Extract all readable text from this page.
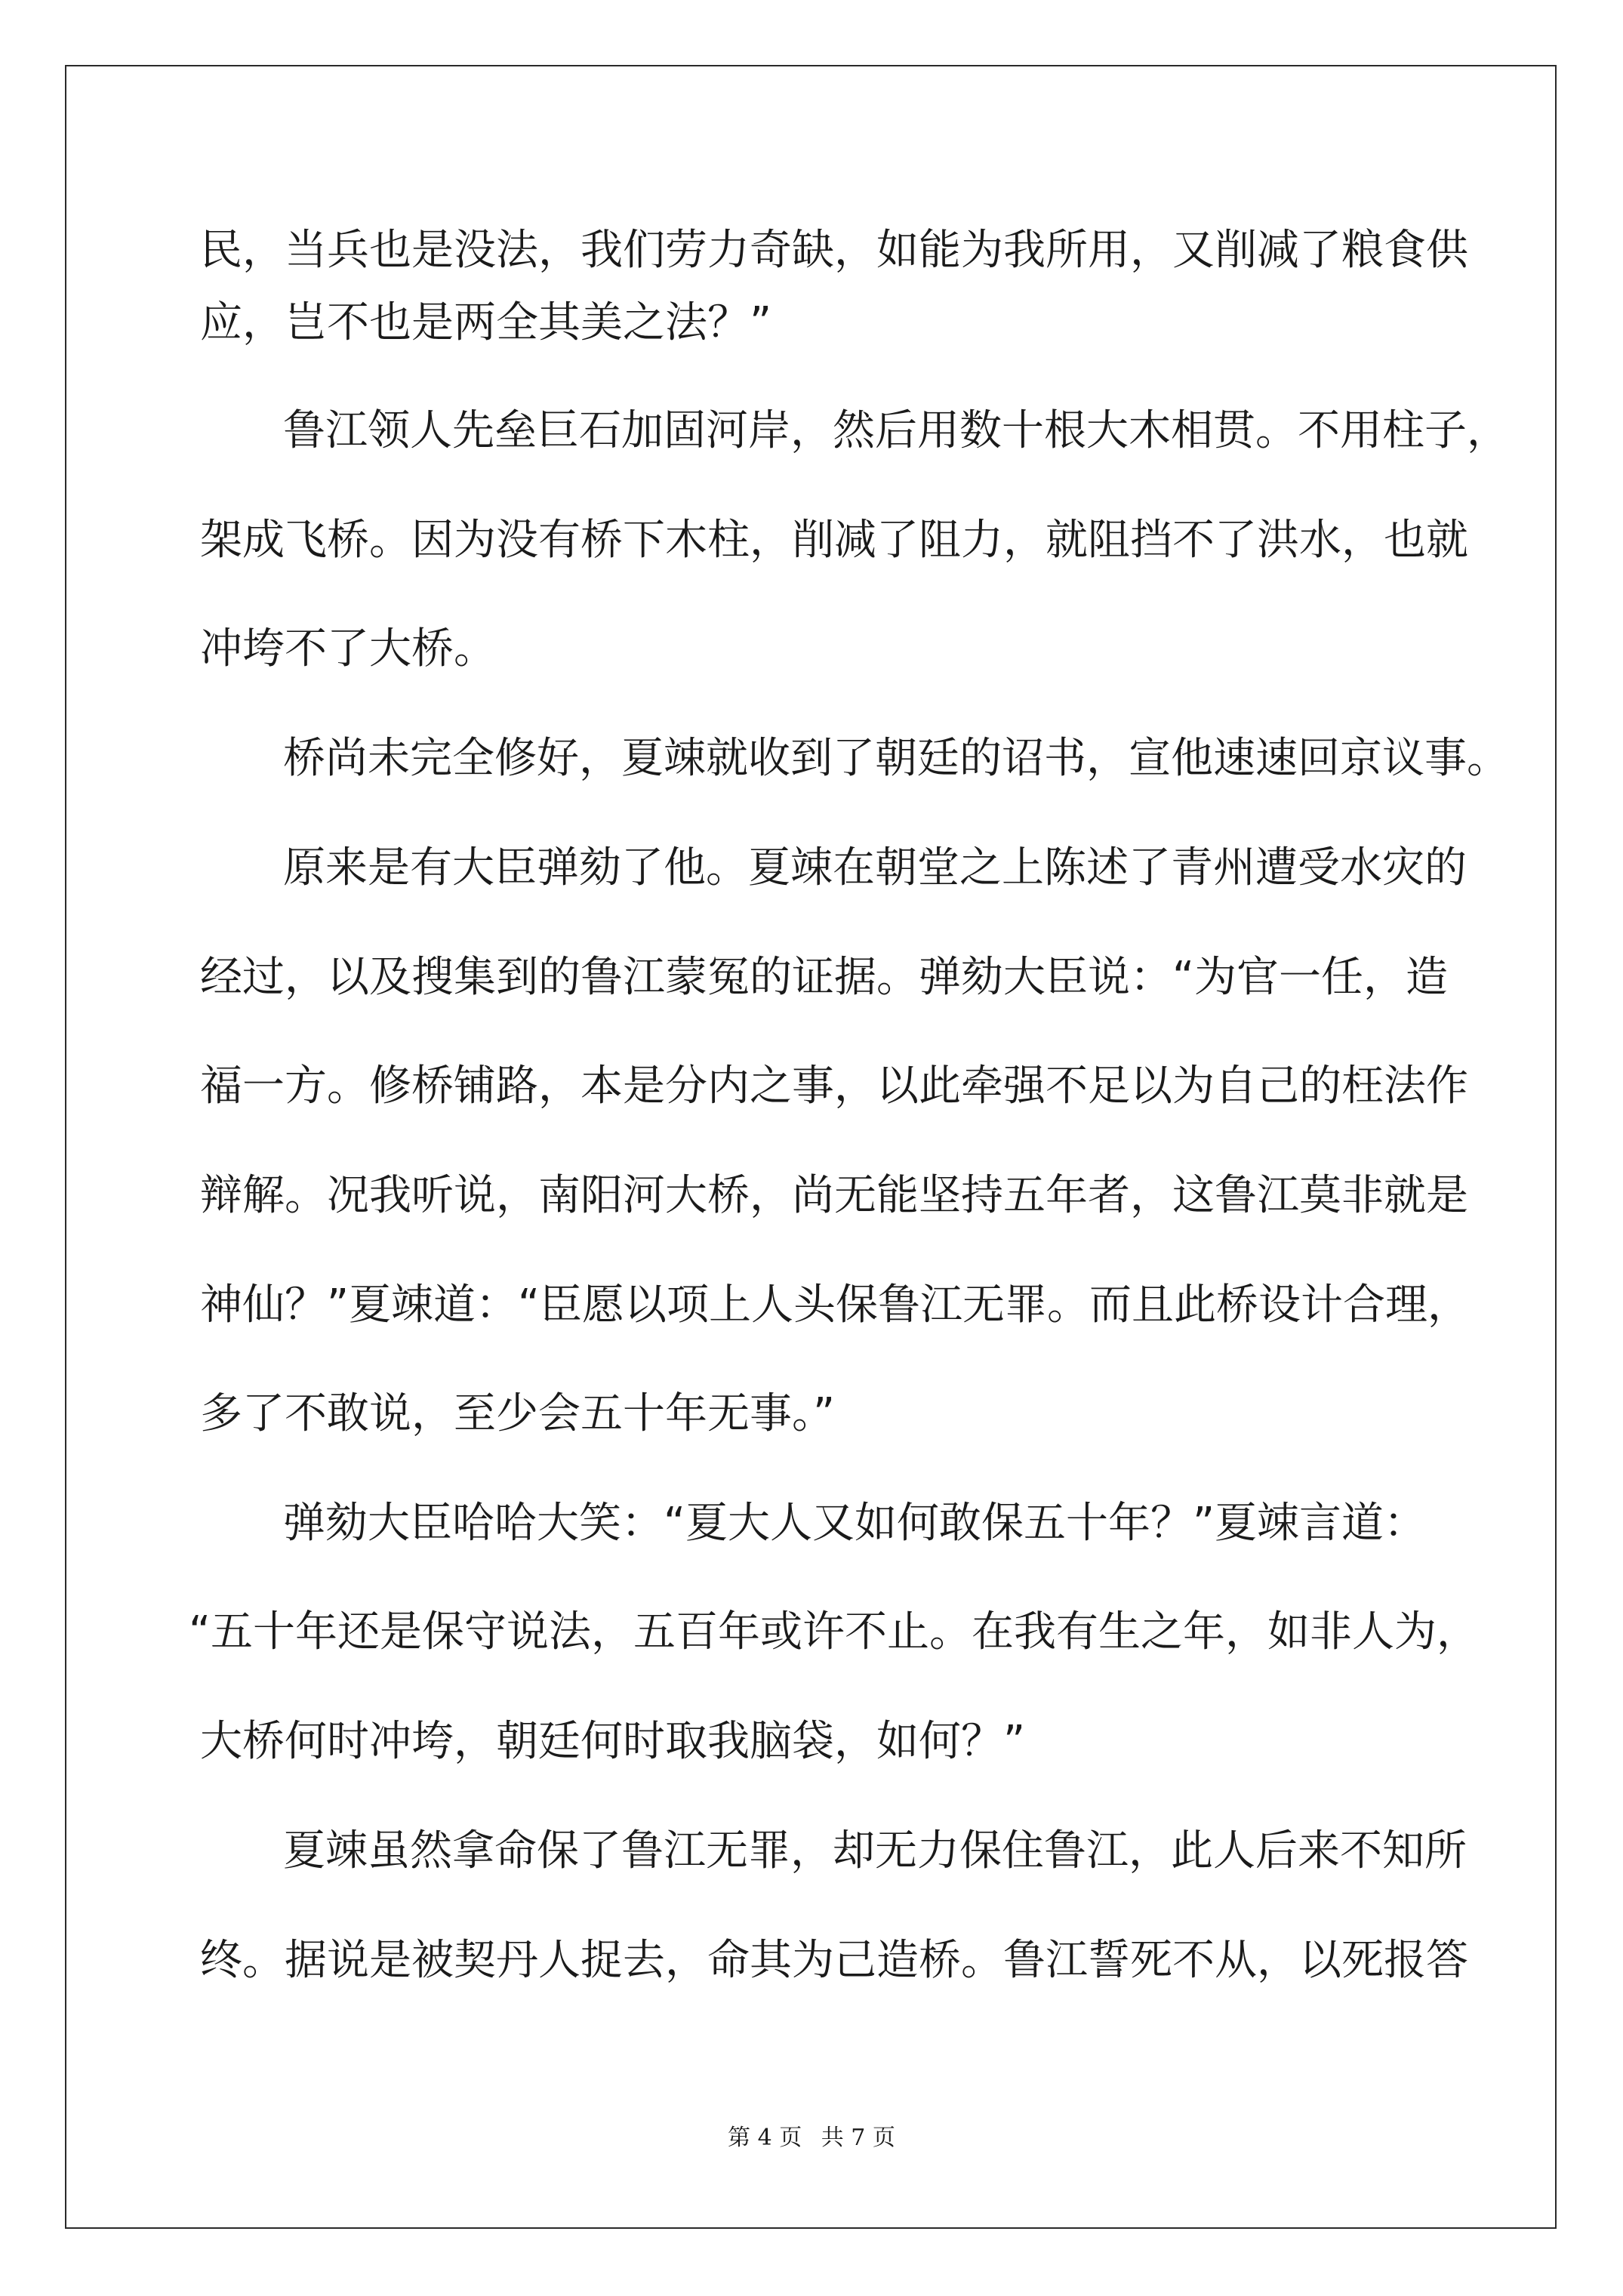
民，当兵也是没法，我们劳力奇缺，如能为我所用，又削减了粮食供
应，岂不也是两全其美之法？”
鲁江领人先垒巨石加固河岸，然后用数十根大木相贯。不用柱子，
架成飞桥。因为没有桥下木柱，削减了阻力，就阻挡不了洪水，也就
冲垮不了大桥。
桥尚未完全修好，夏竦就收到了朝廷的诏书，宣他速速回京议事。
原来是有大臣弹劾了他。夏竦在朝堂之上陈述了青州遭受水灾的
经过，以及搜集到的鲁江蒙冤的证据。弹劾大臣说：“为官一任，造
福一方。修桥铺路，本是分内之事，以此牵强不足以为自己的枉法作
辩解。况我听说，南阳河大桥，尚无能坚持五年者，这鲁江莫非就是
神仙？”夏竦道：“臣愿以项上人头保鲁江无罪。而且此桥设计合理，
多了不敢说，至少会五十年无事。”
弹劾大臣哈哈大笑：“夏大人又如何敢保五十年？”夏竦言道：
“五十年还是保守说法，五百年或许不止。在我有生之年，如非人为，
大桥何时冲垮，朝廷何时取我脑袋，如何？”
夏竦虽然拿命保了鲁江无罪，却无力保住鲁江，此人后来不知所
终。据说是被契丹人捉去，命其为己造桥。鲁江誓死不从，以死报答
第 4 页 共 7 页
